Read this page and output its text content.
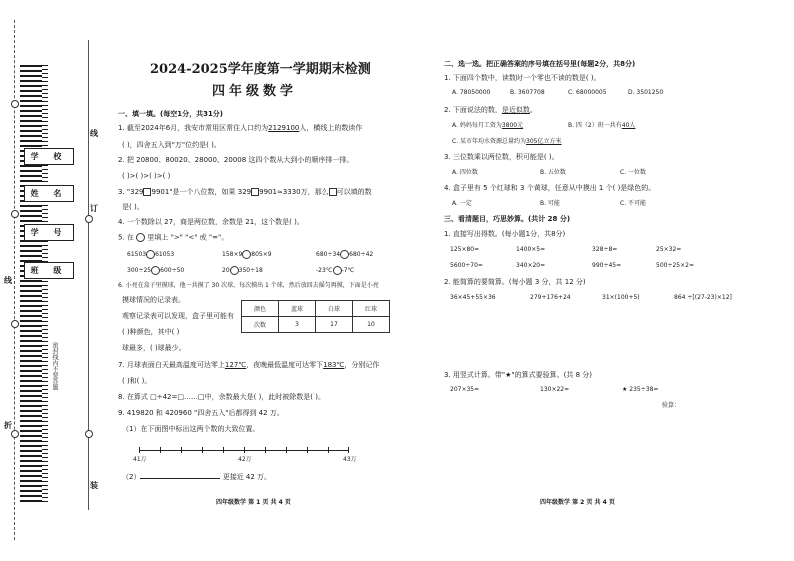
学 校
姓 名
学 号
班 级
折
线
线
订
装
密封线内不要答题
2024-2025学年度第一学期期末检测
四年级数学
一、填一填。(每空1分，共31分)
1. 截至2024年6月，我安市常用区常住人口约为2129100人，横线上的数读作
( )，四舍五入到"万"位约是( )。
2. 把 20800、80020、28000、20008 这四个数从大到小的顺序排一排。
( )>( )>( )>( )
3. "329 9901"是一个八位数，如果 329 9901≈3330万，那么 可以填的数
是( )。
4. 一个数除以 27，商是两位数，余数是 21，这个数是( )。
5. 在 里填上 ">" "<" 或 "="。
61503 61053	158×9 805×9	680÷34 680÷42
300÷25 600÷50	20 350÷18	-23℃ -7℃
6. 小亮在盒子里摸球，他一共摸了 30 次球，每次摸出 1 个球，然后放回去摇匀再摸，下面是小亮
摸球情况的记录表。
观察记录表可以发现，盒子里可能有
( )种颜色，其中( )
球最多，( )球最少。
颜色	蓝球	白球	红球
次数	3	17	10
7. 月球表面白天最高温度可达零上127℃，夜晚最低温度可达零下183℃，分别记作
( )和( )。
8. 在算式 □÷42=□……□中，余数最大是( )，此时被除数是( )。
9. 419820 和 420960 "四舍五入"后都得到 42 万。
（1）在下面图中标出这两个数的大致位置。
41万	42万	43万
（2）	更接近 42 万。
四年级数学 第 1 页 共 4 页
二、选一选。把正确答案的序号填在括号里(每题2分，共8分)
1. 下面四个数中，读数时一个零也不读的数是( )。
A. 78050000	B. 3607708	C. 68000005	D. 3501250
2. 下面说法的数，是近似数。
A. 妈妈每月工资为3800元	B. 四（2）班一共有40人
C. 某市年均水资源总量约为305亿立方米
3. 三位数乘以两位数，积可能是( )。
A. 四位数	B. 五位数	C. 一位数
4. 盒子里有 5 个红球和 3 个黄球，任意从中摸出 1 个( )是绿色的。
A. 一定	B. 可能	C. 不可能
三、看清题目，巧思妙算。(共计 28 分)
1. 直接写出得数。(每小题1分，共8分)
125×80=	1400×5=	328÷8=	25×32=
5600÷70=	340×20=	990÷45=	500÷25×2=
2. 能简算的要简算。(每小题 3 分，共 12 分)
36×45+55×36	279+176+24	31×(100+5)	864 ÷[(27-23)×12]
3. 用竖式计算。带"★"的算式要验算。(共 8 分)
207×35=	130×22=	★ 235÷38=
验算：
四年级数学 第 2 页 共 4 页
